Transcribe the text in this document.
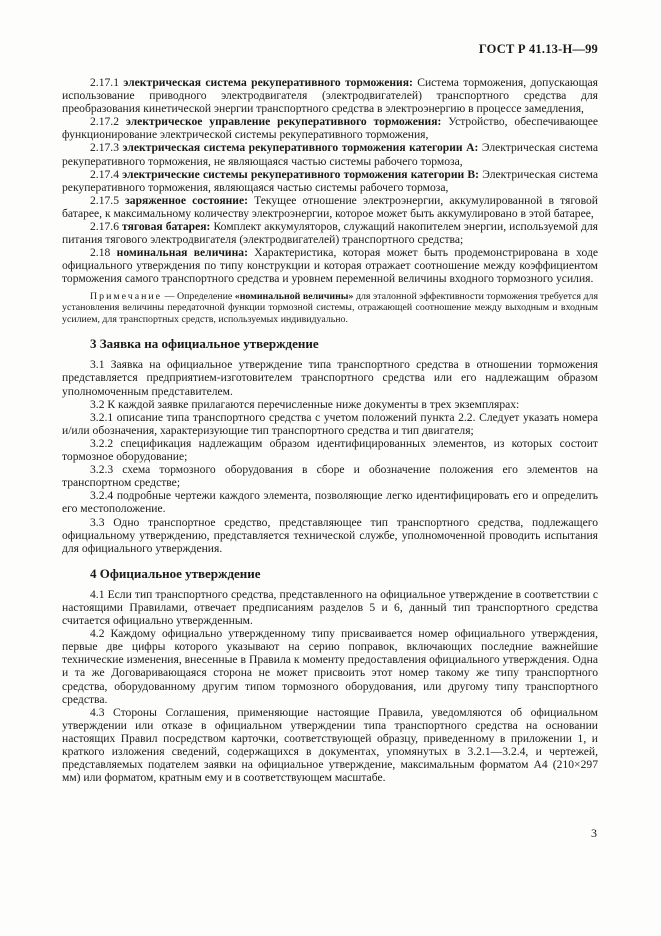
ГОСТ Р 41.13-Н—99

2.17.1 электрическая система рекуперативного торможения: Система торможения, допускающая использование приводного электродвигателя (электродвигателей) транспортного средства для преобразования кинетической энергии транспортного средства в электроэнергию в процессе замедления,

2.17.2 электрическое управление рекуперативного торможения: Устройство, обеспечивающее функционирование электрической системы рекуперативного торможения,

2.17.3 электрическая система рекуперативного торможения категории А: Электрическая система рекуперативного торможения, не являющаяся частью системы рабочего тормоза,

2.17.4 электрические системы рекуперативного торможения категории В: Электрическая система рекуперативного торможения, являющаяся частью системы рабочего тормоза,

2.17.5 заряженное состояние: Текущее отношение электроэнергии, аккумулированной в тяговой батарее, к максимальному количеству электроэнергии, которое может быть аккумулировано в этой батарее,

2.17.6 тяговая батарея: Комплект аккумуляторов, служащий накопителем энергии, используемой для питания тягового электродвигателя (электродвигателей) транспортного средства;

2.18 номинальная величина: Характеристика, которая может быть продемонстрирована в ходе официального утверждения по типу конструкции и которая отражает соотношение между коэффициентом торможения самого транспортного средства и уровнем переменной величины входного тормозного усилия.

Примечание — Определение «номинальной величины» для эталонной эффективности торможения требуется для установления величины передаточной функции тормозной системы, отражающей соотношение между выходным и входным усилием, для транспортных средств, используемых индивидуально.

3 Заявка на официальное утверждение

3.1 Заявка на официальное утверждение типа транспортного средства в отношении торможения представляется предприятием-изготовителем транспортного средства или его надлежащим образом уполномоченным представителем.

3.2 К каждой заявке прилагаются перечисленные ниже документы в трех экземплярах:

3.2.1 описание типа транспортного средства с учетом положений пункта 2.2. Следует указать номера и/или обозначения, характеризующие тип транспортного средства и тип двигателя;

3.2.2 спецификация надлежащим образом идентифицированных элементов, из которых состоит тормозное оборудование;

3.2.3 схема тормозного оборудования в сборе и обозначение положения его элементов на транспортном средстве;

3.2.4 подробные чертежи каждого элемента, позволяющие легко идентифицировать его и определить его местоположение.

3.3 Одно транспортное средство, представляющее тип транспортного средства, подлежащего официальному утверждению, представляется технической службе, уполномоченной проводить испытания для официального утверждения.

4 Официальное утверждение

4.1 Если тип транспортного средства, представленного на официальное утверждение в соответствии с настоящими Правилами, отвечает предписаниям разделов 5 и 6, данный тип транспортного средства считается официально утвержденным.

4.2 Каждому официально утвержденному типу присваивается номер официального утверждения, первые две цифры которого указывают на серию поправок, включающих последние важнейшие технические изменения, внесенные в Правила к моменту предоставления официального утверждения. Одна и та же Договаривающаяся сторона не может присвоить этот номер такому же типу транспортного средства, оборудованному другим типом тормозного оборудования, или другому типу транспортного средства.

4.3 Стороны Соглашения, применяющие настоящие Правила, уведомляются об официальном утверждении или отказе в официальном утверждении типа транспортного средства на основании настоящих Правил посредством карточки, соответствующей образцу, приведенному в приложении 1, и краткого изложения сведений, содержащихся в документах, упомянутых в 3.2.1—3.2.4, и чертежей, представляемых подателем заявки на официальное утверждение, максимальным форматом А4 (210×297 мм) или форматом, кратным ему и в соответствующем масштабе.

3
